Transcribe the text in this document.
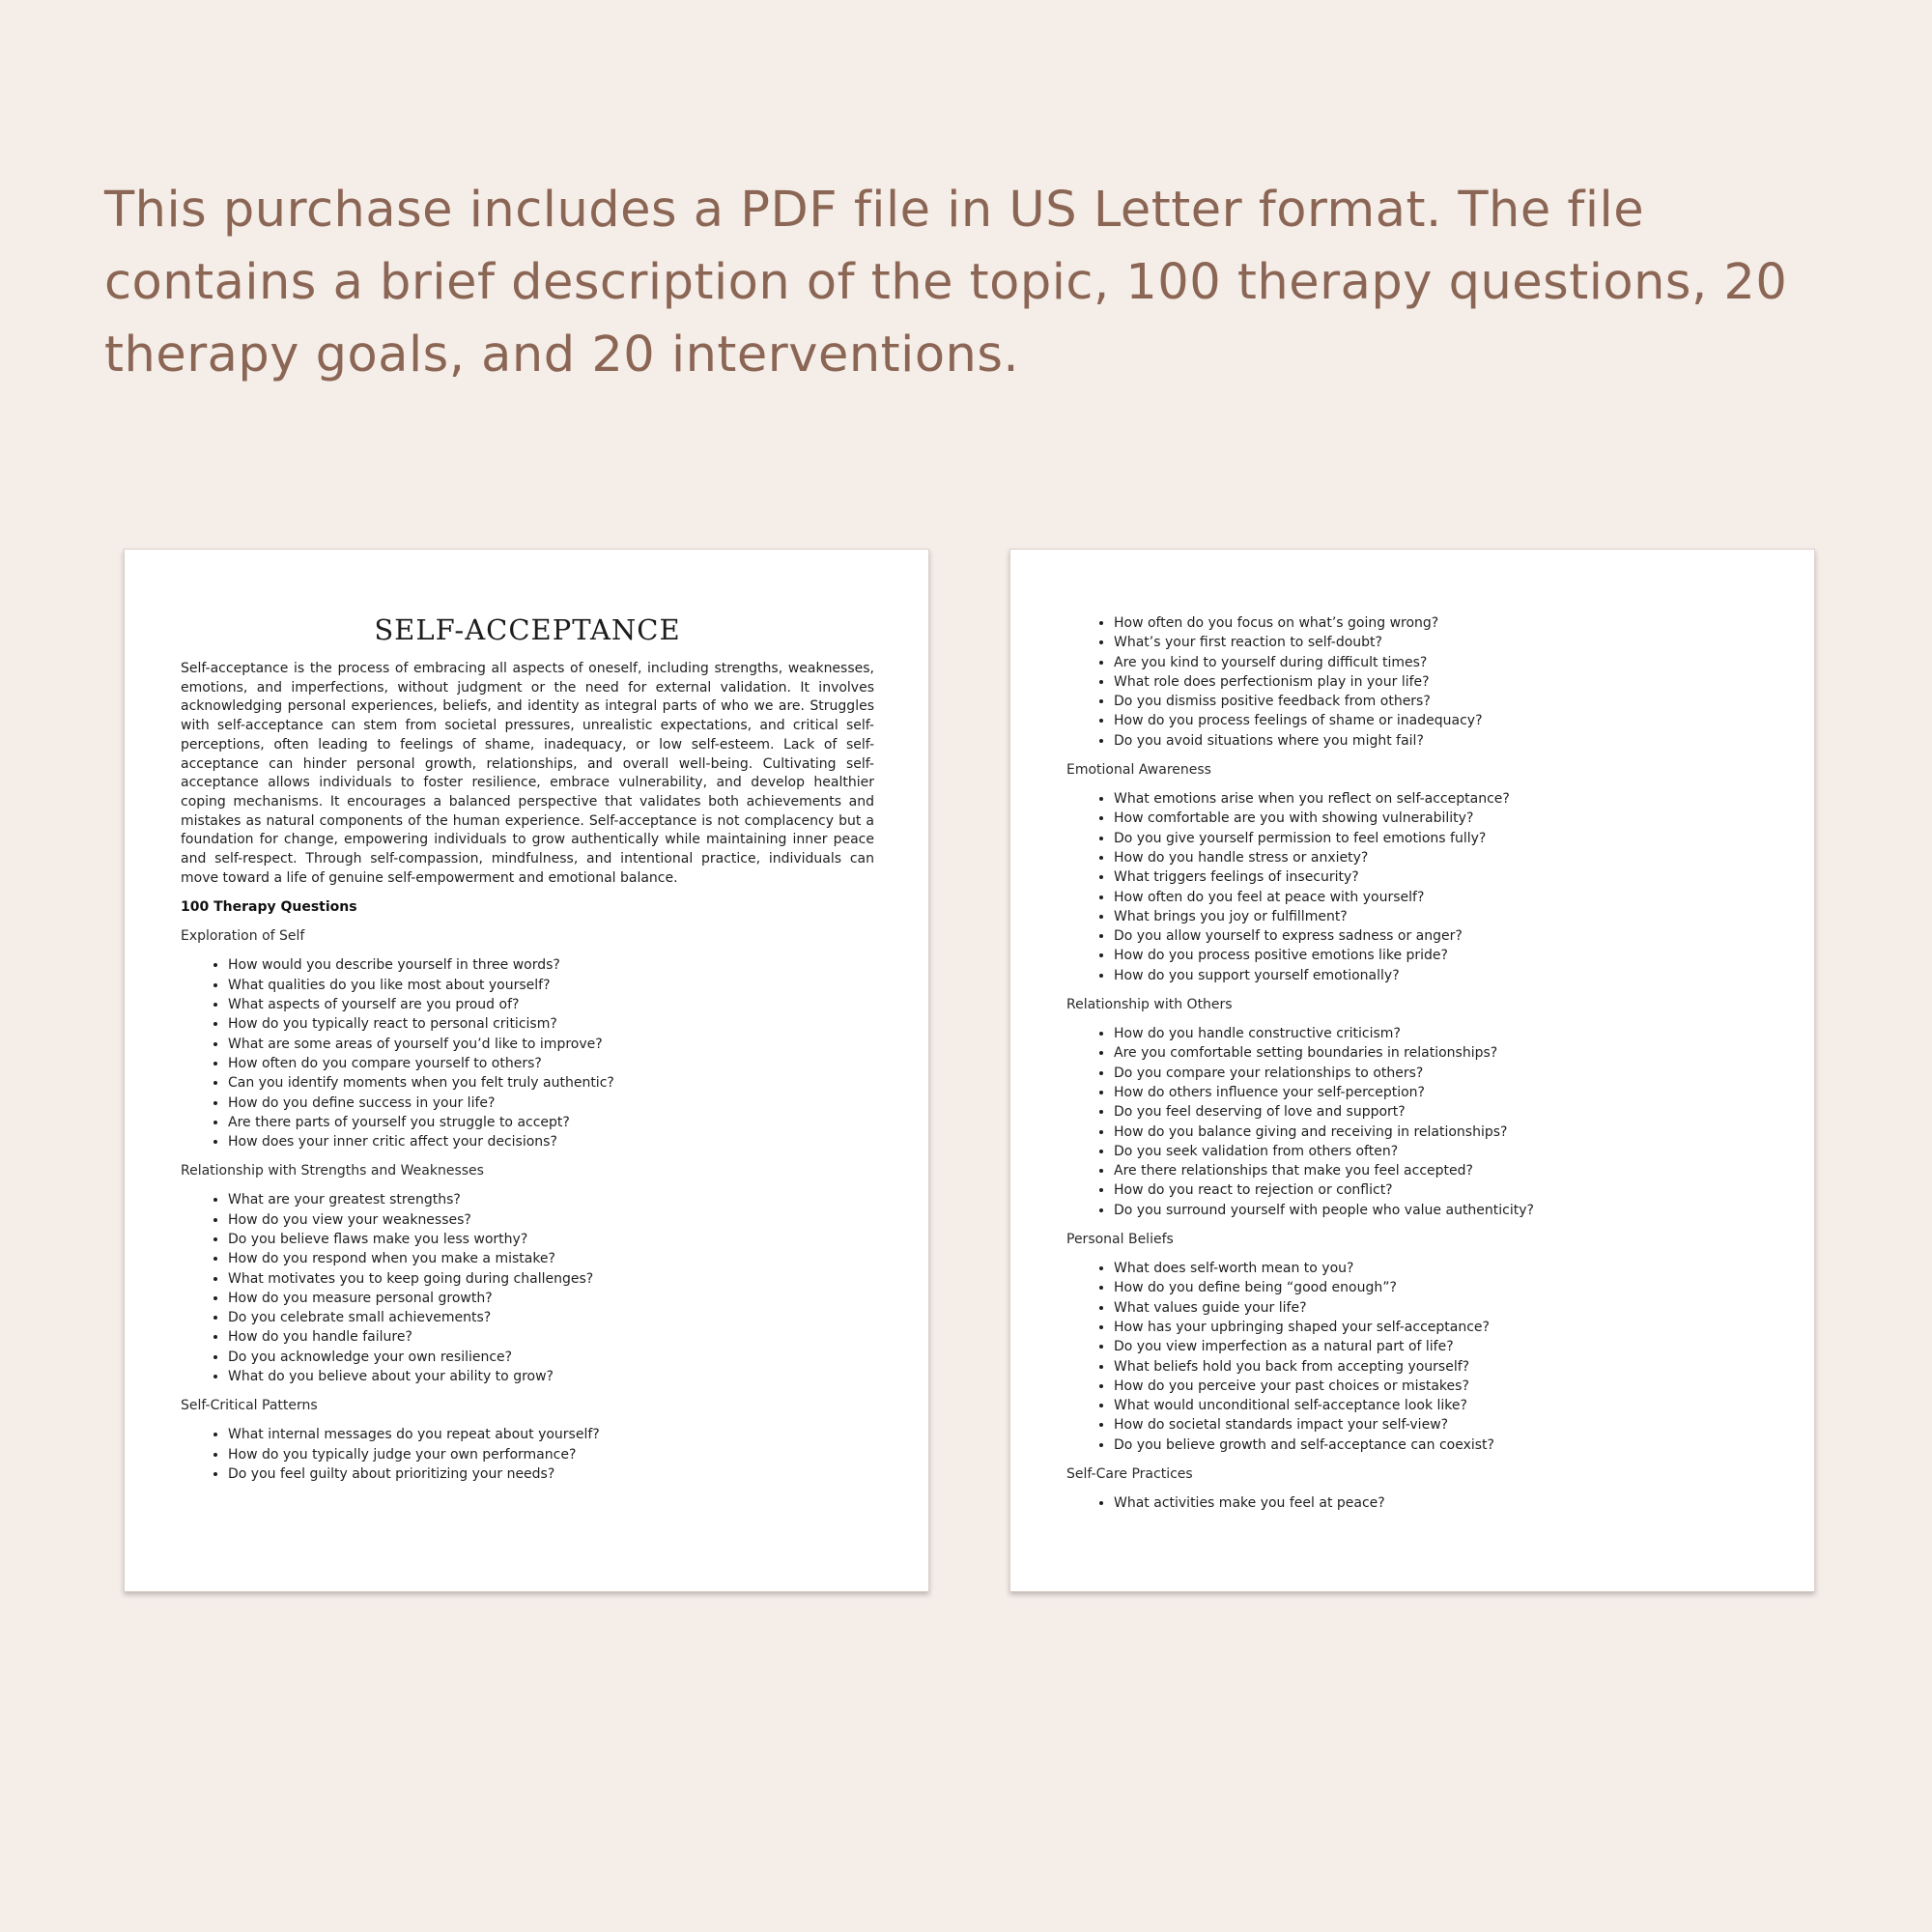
This purchase includes a PDF file in US Letter format. The file contains a brief description of the topic, 100 therapy questions, 20 therapy goals, and 20 interventions.

SELF-ACCEPTANCE

Self-acceptance is the process of embracing all aspects of oneself, including strengths, weaknesses, emotions, and imperfections, without judgment or the need for external validation. It involves acknowledging personal experiences, beliefs, and identity as integral parts of who we are. Struggles with self-acceptance can stem from societal pressures, unrealistic expectations, and critical self-perceptions, often leading to feelings of shame, inadequacy, or low self-esteem. Lack of self-acceptance can hinder personal growth, relationships, and overall well-being. Cultivating self-acceptance allows individuals to foster resilience, embrace vulnerability, and develop healthier coping mechanisms. It encourages a balanced perspective that validates both achievements and mistakes as natural components of the human experience. Self-acceptance is not complacency but a foundation for change, empowering individuals to grow authentically while maintaining inner peace and self-respect. Through self-compassion, mindfulness, and intentional practice, individuals can move toward a life of genuine self-empowerment and emotional balance.

100 Therapy Questions
Exploration of Self
• How would you describe yourself in three words?
• What qualities do you like most about yourself?
• What aspects of yourself are you proud of?
• How do you typically react to personal criticism?
• What are some areas of yourself you’d like to improve?
• How often do you compare yourself to others?
• Can you identify moments when you felt truly authentic?
• How do you define success in your life?
• Are there parts of yourself you struggle to accept?
• How does your inner critic affect your decisions?
Relationship with Strengths and Weaknesses
• What are your greatest strengths?
• How do you view your weaknesses?
• Do you believe flaws make you less worthy?
• How do you respond when you make a mistake?
• What motivates you to keep going during challenges?
• How do you measure personal growth?
• Do you celebrate small achievements?
• How do you handle failure?
• Do you acknowledge your own resilience?
• What do you believe about your ability to grow?
Self-Critical Patterns
• What internal messages do you repeat about yourself?
• How do you typically judge your own performance?
• Do you feel guilty about prioritizing your needs?
• How often do you focus on what’s going wrong?
• What’s your first reaction to self-doubt?
• Are you kind to yourself during difficult times?
• What role does perfectionism play in your life?
• Do you dismiss positive feedback from others?
• How do you process feelings of shame or inadequacy?
• Do you avoid situations where you might fail?
Emotional Awareness
• What emotions arise when you reflect on self-acceptance?
• How comfortable are you with showing vulnerability?
• Do you give yourself permission to feel emotions fully?
• How do you handle stress or anxiety?
• What triggers feelings of insecurity?
• How often do you feel at peace with yourself?
• What brings you joy or fulfillment?
• Do you allow yourself to express sadness or anger?
• How do you process positive emotions like pride?
• How do you support yourself emotionally?
Relationship with Others
• How do you handle constructive criticism?
• Are you comfortable setting boundaries in relationships?
• Do you compare your relationships to others?
• How do others influence your self-perception?
• Do you feel deserving of love and support?
• How do you balance giving and receiving in relationships?
• Do you seek validation from others often?
• Are there relationships that make you feel accepted?
• How do you react to rejection or conflict?
• Do you surround yourself with people who value authenticity?
Personal Beliefs
• What does self-worth mean to you?
• How do you define being “good enough”?
• What values guide your life?
• How has your upbringing shaped your self-acceptance?
• Do you view imperfection as a natural part of life?
• What beliefs hold you back from accepting yourself?
• How do you perceive your past choices or mistakes?
• What would unconditional self-acceptance look like?
• How do societal standards impact your self-view?
• Do you believe growth and self-acceptance can coexist?
Self-Care Practices
• What activities make you feel at peace?
